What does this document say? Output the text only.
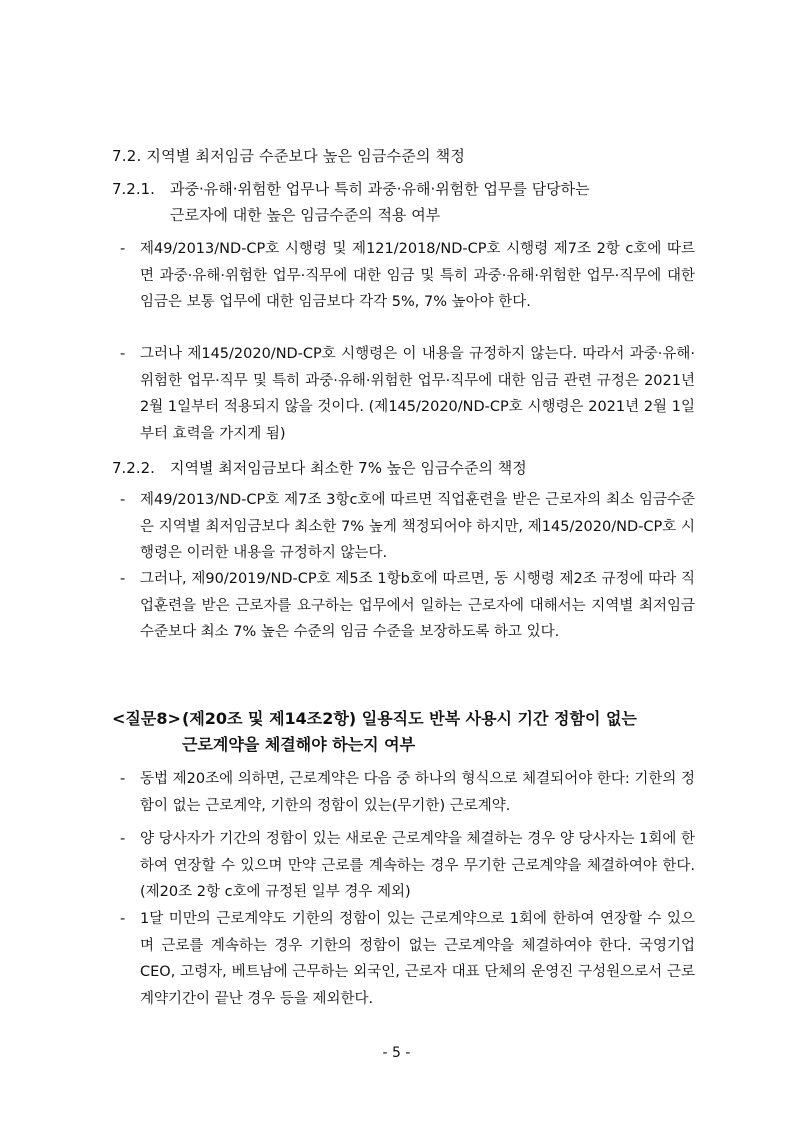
7.2. 지역별 최저임금 수준보다 높은 임금수준의 책정
7.2.1. 과중·유해·위험한 업무나 특히 과중·유해·위험한 업무를 담당하는
근로자에 대한 높은 임금수준의 적용 여부
-	제49/2013/ND-CP호 시행령 및 제121/2018/ND-CP호 시행령 제7조 2항 c호에 따르면 과중·유해·위험한 업무·직무에 대한 임금 및 특히 과중·유해·위험한 업무·직무에 대한 임금은 보통 업무에 대한 임금보다 각각 5%, 7% 높아야 한다.
-	그러나 제145/2020/ND-CP호 시행령은 이 내용을 규정하지 않는다. 따라서 과중·유해·위험한 업무·직무 및 특히 과중·유해·위험한 업무·직무에 대한 임금 관련 규정은 2021년 2월 1일부터 적용되지 않을 것이다. (제145/2020/ND-CP호 시행령은 2021년 2월 1일부터 효력을 가지게 됨)
7.2.2. 지역별 최저임금보다 최소한 7% 높은 임금수준의 책정
-	제49/2013/ND-CP호 제7조 3항c호에 따르면 직업훈련을 받은 근로자의 최소 임금수준은 지역별 최저임금보다 최소한 7% 높게 책정되어야 하지만, 제145/2020/ND-CP호 시행령은 이러한 내용을 규정하지 않는다.
-	그러나, 제90/2019/ND-CP호 제5조 1항b호에 따르면, 동 시행령 제2조 규정에 따라 직업훈련을 받은 근로자를 요구하는 업무에서 일하는 근로자에 대해서는 지역별 최저임금 수준보다 최소 7% 높은 수준의 임금 수준을 보장하도록 하고 있다.
<질문8>(제20조 및 제14조2항) 일용직도 반복 사용시 기간 정함이 없는
근로계약을 체결해야 하는지 여부
-	동법 제20조에 의하면, 근로계약은 다음 중 하나의 형식으로 체결되어야 한다: 기한의 정함이 없는 근로계약, 기한의 정함이 있는(무기한) 근로계약.
-	양 당사자가 기간의 정함이 있는 새로운 근로계약을 체결하는 경우 양 당사자는 1회에 한하여 연장할 수 있으며 만약 근로를 계속하는 경우 무기한 근로계약을 체결하여야 한다.(제20조 2항 c호에 규정된 일부 경우 제외)
-	1달 미만의 근로계약도 기한의 정함이 있는 근로계약으로 1회에 한하여 연장할 수 있으며 근로를 계속하는 경우 기한의 정함이 없는 근로계약을 체결하여야 한다. 국영기업 CEO, 고령자, 베트남에 근무하는 외국인, 근로자 대표 단체의 운영진 구성원으로서 근로계약기간이 끝난 경우 등을 제외한다.
- 5 -
